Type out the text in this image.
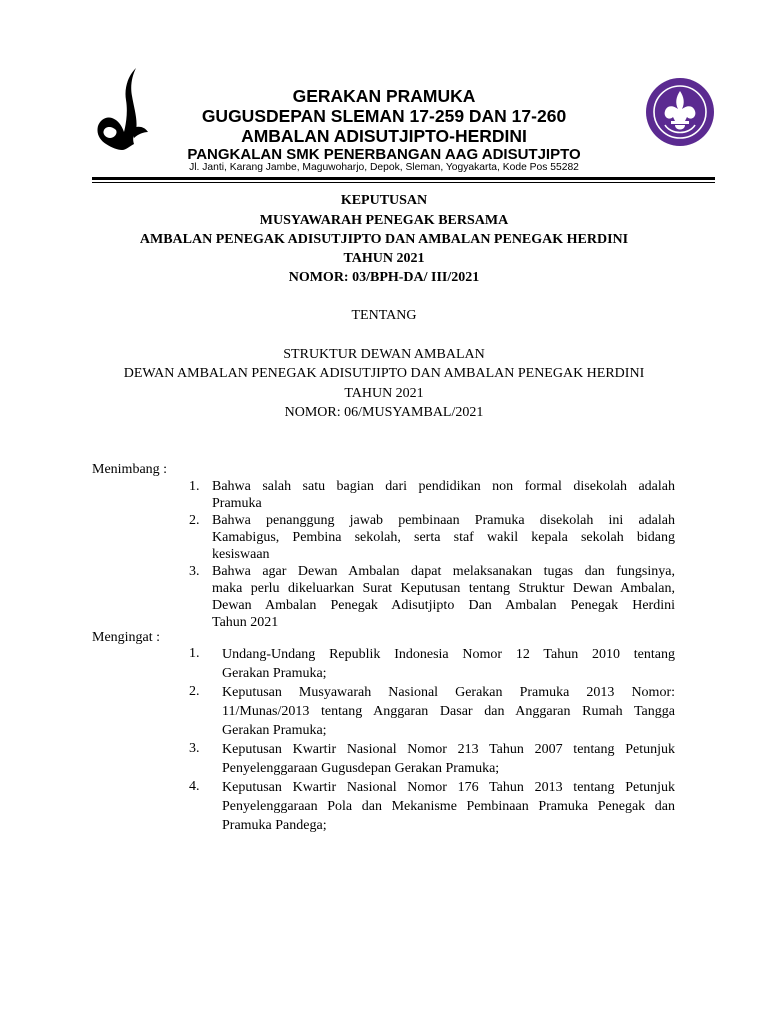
GERAKAN PRAMUKA
GUGUSDEPAN SLEMAN 17-259 DAN 17-260
AMBALAN ADISUTJIPTO-HERDINI
PANGKALAN SMK PENERBANGAN AAG ADISUTJIPTO
Jl. Janti, Karang Jambe, Maguwoharjo, Depok, Sleman, Yogyakarta, Kode Pos 55282
KEPUTUSAN
MUSYAWARAH PENEGAK BERSAMA
AMBALAN PENEGAK ADISUTJIPTO DAN AMBALAN PENEGAK HERDINI
TAHUN 2021
NOMOR: 03/BPH-DA/ III/2021
TENTANG
STRUKTUR DEWAN AMBALAN
DEWAN AMBALAN PENEGAK ADISUTJIPTO DAN AMBALAN PENEGAK HERDINI
TAHUN 2021
NOMOR: 06/MUSYAMBAL/2021
Menimbang :
1. Bahwa salah satu bagian dari pendidikan non formal disekolah adalah
Pramuka
2. Bahwa penanggung jawab pembinaan Pramuka disekolah ini adalah
Kamabigus, Pembina sekolah, serta staf wakil kepala sekolah bidang
kesiswaan
3. Bahwa agar Dewan Ambalan dapat melaksanakan tugas dan fungsinya,
maka perlu dikeluarkan Surat Keputusan tentang Struktur Dewan Ambalan,
Dewan Ambalan Penegak Adisutjipto Dan Ambalan Penegak Herdini
Tahun 2021
Mengingat :
1. Undang-Undang Republik Indonesia Nomor 12 Tahun 2010 tentang
Gerakan Pramuka;
2. Keputusan Musyawarah Nasional Gerakan Pramuka 2013 Nomor:
11/Munas/2013 tentang Anggaran Dasar dan Anggaran Rumah Tangga
Gerakan Pramuka;
3. Keputusan Kwartir Nasional Nomor 213 Tahun 2007 tentang Petunjuk
Penyelenggaraan Gugusdepan Gerakan Pramuka;
4. Keputusan Kwartir Nasional Nomor 176 Tahun 2013 tentang Petunjuk
Penyelenggaraan Pola dan Mekanisme Pembinaan Pramuka Penegak dan
Pramuka Pandega;
